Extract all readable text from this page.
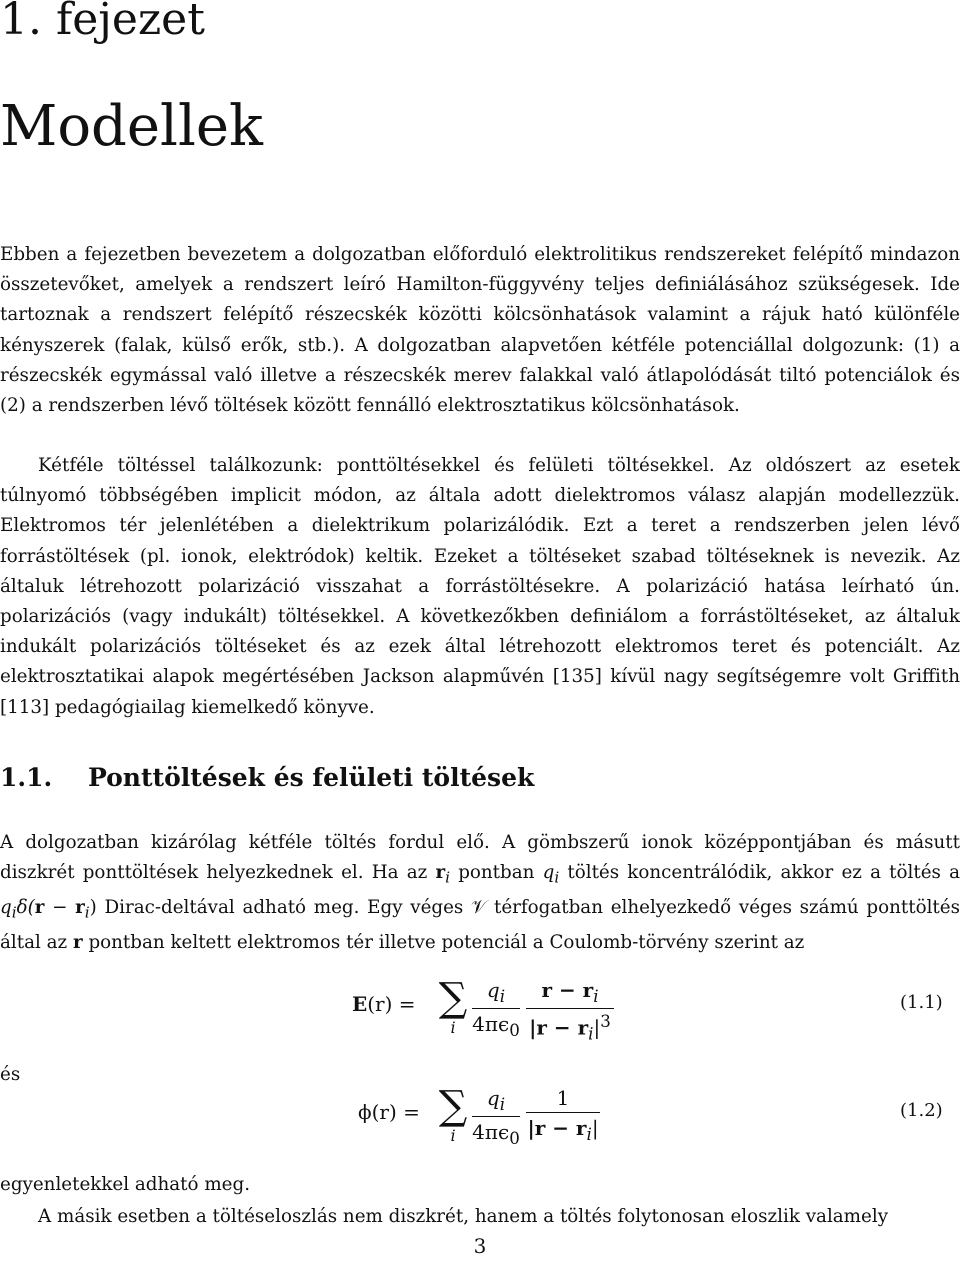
1. fejezet
Modellek

Ebben a fejezetben bevezetem a dolgozatban előforduló elektrolitikus rendszereket felépítő mindazon összetevőket, amelyek a rendszert leíró Hamilton-függyvény teljes definiálásához szükségesek. Ide tartoznak a rendszert felépítő részecskék közötti kölcsönhatások valamint a rájuk ható különféle kényszerek (falak, külső erők, stb.). A dolgozatban alapvetően kétféle potenciállal dolgozunk: (1) a részecskék egymással való illetve a részecskék merev falakkal való átlapolódását tiltó potenciálok és (2) a rendszerben lévő töltések között fennálló elektrosztatikus kölcsönhatások.

Kétféle töltéssel találkozunk: ponttöltésekkel és felületi töltésekkel. Az oldószert az esetek túlnyomó többségében implicit módon, az általa adott dielektromos válasz alapján modellezzük. Elektromos tér jelenlétében a dielektrikum polarizálódik. Ezt a teret a rendszerben jelen lévő forrástöltések (pl. ionok, elektródok) keltik. Ezeket a töltéseket szabad töltéseknek is nevezik. Az általuk létrehozott polarizáció visszahat a forrástöltésekre. A polarizáció hatása leírható ún. polarizációs (vagy indukált) töltésekkel. A következőkben definiálom a forrástöltéseket, az általuk indukált polarizációs töltéseket és az ezek által létrehozott elektromos teret és potenciált. Az elektrosztatikai alapok megértésében Jackson alapművén [135] kívül nagy segítségemre volt Griffith [113] pedagógiailag kiemelkedő könyve.

1.1. Ponttöltések és felületi töltések

A dolgozatban kizárólag kétféle töltés fordul elő. A gömbszerű ionok középpontjában és másutt diszkrét ponttöltések helyezkednek el. Ha az $r_i$ pontban $q_i$ töltés koncentrálódik, akkor ez a töltés a $q_i\delta(r - r_i)$ Dirac-deltával adható meg. Egy véges 𝒱 térfogatban elhelyezkedő véges számú ponttöltés által az r pontban keltett elektromos tér illetve potenciál a Coulomb-törvény szerint az

E(r) = ∑
i $\frac{q_i}{4\pi\epsilon_0} \frac{r - r_i}{|r - r_i|^3}$	(1.1)
és
ϕ(r) = ∑
i $\frac{q_i}{4\pi\epsilon_0} \frac{1}{|r - r_i|}$	(1.2)
egyenletekkel adható meg.
A másik esetben a töltéseloszlás nem diszkrét, hanem a töltés folytonosan eloszlik valamely
3
